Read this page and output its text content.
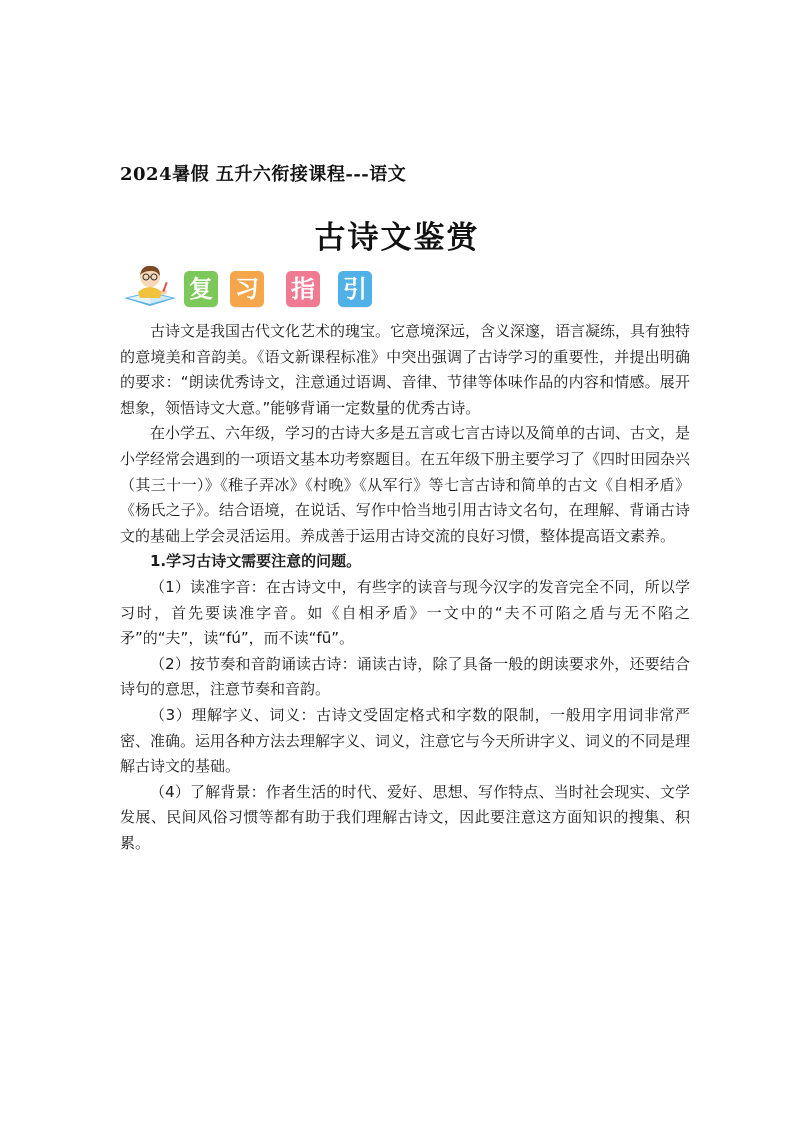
2024暑假 五升六衔接课程---语文
古诗文鉴赏
复 习 指 引

古诗文是我国古代文化艺术的瑰宝。它意境深远，含义深邃，语言凝练，具有独特的意境美和音韵美。《语文新课程标准》中突出强调了古诗学习的重要性，并提出明确的要求：“朗读优秀诗文，注意通过语调、音律、节律等体味作品的内容和情感。展开想象，领悟诗文大意。”能够背诵一定数量的优秀古诗。

在小学五、六年级，学习的古诗大多是五言或七言古诗以及简单的古词、古文，是小学经常会遇到的一项语文基本功考察题目。在五年级下册主要学习了《四时田园杂兴（其三十一）》《稚子弄冰》《村晚》《从军行》等七言古诗和简单的古文《自相矛盾》《杨氏之子》。结合语境，在说话、写作中恰当地引用古诗文名句，在理解、背诵古诗文的基础上学会灵活运用。养成善于运用古诗交流的良好习惯，整体提高语文素养。

1.学习古诗文需要注意的问题。

（1）读准字音：在古诗文中，有些字的读音与现今汉字的发音完全不同，所以学习时，首先要读准字音。如《自相矛盾》一文中的“夫不可陷之盾与无不陷之矛”的“夫”，读“fú”，而不读“fū”。

（2）按节奏和音韵诵读古诗：诵读古诗，除了具备一般的朗读要求外，还要结合诗句的意思，注意节奏和音韵。

（3）理解字义、词义：古诗文受固定格式和字数的限制，一般用字用词非常严密、准确。运用各种方法去理解字义、词义，注意它与今天所讲字义、词义的不同是理解古诗文的基础。

（4）了解背景：作者生活的时代、爱好、思想、写作特点、当时社会现实、文学发展、民间风俗习惯等都有助于我们理解古诗文，因此要注意这方面知识的搜集、积累。
